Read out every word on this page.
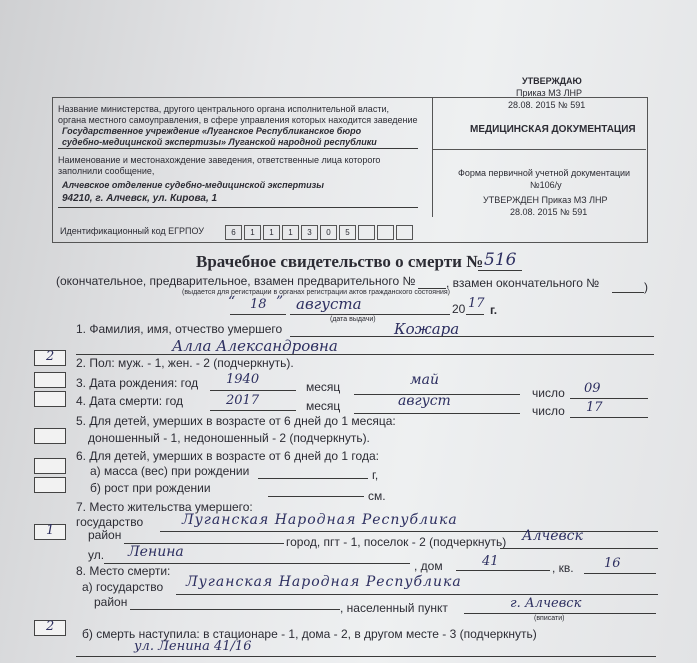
УТВЕРЖДАЮ
Приказ МЗ ЛНР
28.08. 2015 № 591
Название министерства, другого центрального органа исполнительной власти,
органа местного самоуправления, в сфере управления которых находится заведение
Государственное учреждение «Луганское Республиканское бюро
судебно-медицинской экспертизы» Луганской народной республики
Наименование и местонахождение заведения, ответственные лица которого
заполнили сообщение,
Алчевское отделение судебно-медицинской экспертизы
94210, г. Алчевск, ул. Кирова, 1
Идентификационный код ЕГРПОУ	6	1	1	1	3	0	5
МЕДИЦИНСКАЯ ДОКУМЕНТАЦИЯ
Форма первичной учетной документации
№106/у
УТВЕРЖДЕН Приказ МЗ ЛНР
28.08. 2015 № 591
Врачебное свидетельство о смерти № 516
(окончательное, предварительное, взамен предварительного №	, взамен окончательного №	)
(выдается для регистрации в органах регистрации актов гражданского состояния)
“ 18 ” августа	20 17 г.
(дата выдачи)
1. Фамилия, имя, отчество умершего	Кожара
Алла Александровна
2 2. Пол: муж. - 1, жен. - 2 (подчеркнуть).
3. Дата рождения: год 1940	месяц	май
число 09
4. Дата смерти: год	2017	месяц	август
число 17
5. Для детей, умерших в возрасте от 6 дней до 1 месяца:
доношенный - 1, недоношенный - 2 (подчеркнуть).
6. Для детей, умерших в возрасте от 6 дней до 1 года:
а) масса (вес) при рождении	г,
б) рост при рождении
см.
7. Место жительства умершего:
государство	Луганская Народная Республика
1	район	город, пгт - 1, поселок - 2 (подчеркнуть) Алчевск
ул. Ленина
, дом	41	, кв. 16
8. Место смерти:
а) государство Луганская Народная Республика
район	, населенный пункт	г. Алчевск
(вписати)
2 б) смерть наступила: в стационаре - 1, дома - 2, в другом месте - 3 (подчеркнуть)
ул. Ленина 41/16
